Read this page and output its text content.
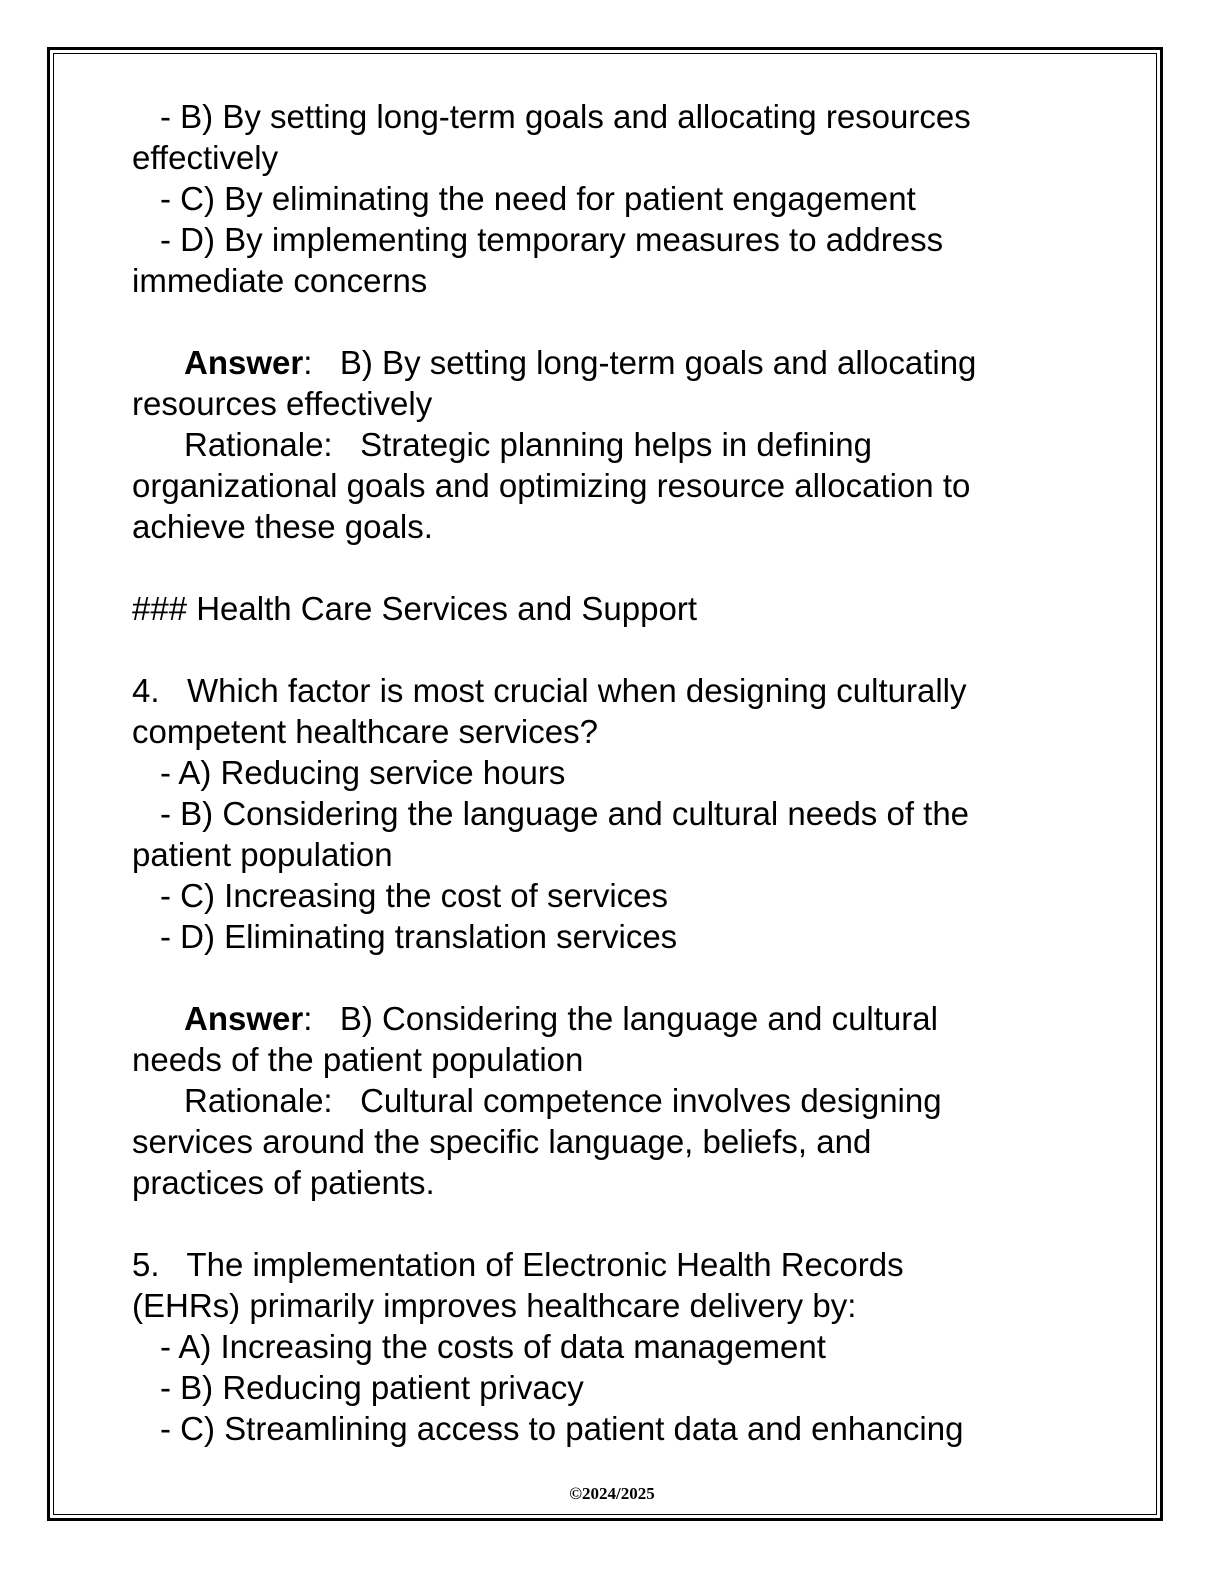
- B) By setting long-term goals and allocating resources
effectively
- C) By eliminating the need for patient engagement
- D) By implementing temporary measures to address
immediate concerns
Answer:   B) By setting long-term goals and allocating
resources effectively
Rationale:   Strategic planning helps in defining
organizational goals and optimizing resource allocation to
achieve these goals.
### Health Care Services and Support
4.   Which factor is most crucial when designing culturally
competent healthcare services?
- A) Reducing service hours
- B) Considering the language and cultural needs of the
patient population
- C) Increasing the cost of services
- D) Eliminating translation services
Answer:   B) Considering the language and cultural
needs of the patient population
Rationale:   Cultural competence involves designing
services around the specific language, beliefs, and
practices of patients.
5.   The implementation of Electronic Health Records
(EHRs) primarily improves healthcare delivery by:
- A) Increasing the costs of data management
- B) Reducing patient privacy
- C) Streamlining access to patient data and enhancing
©2024/2025
